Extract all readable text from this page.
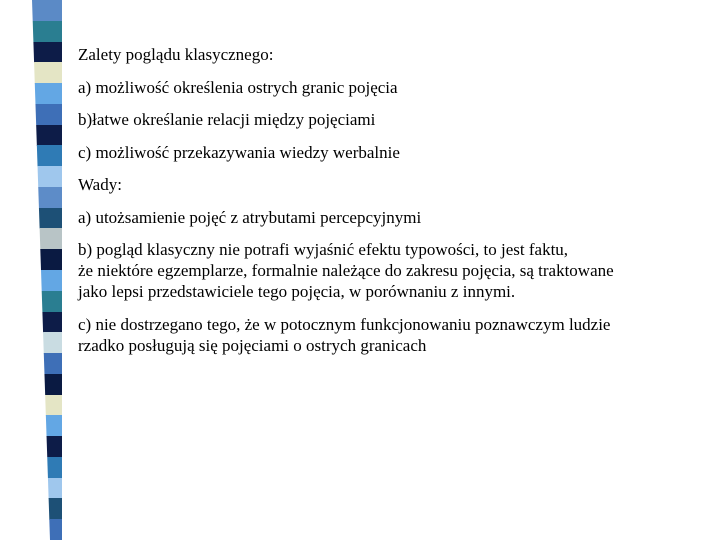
Zalety poglądu klasycznego:

a) możliwość określenia ostrych granic pojęcia

b)łatwe określanie relacji między pojęciami

c) możliwość przekazywania wiedzy werbalnie

Wady:

a) utożsamienie pojęć z atrybutami percepcyjnymi

b) pogląd klasyczny nie potrafi wyjaśnić efektu typowości, to jest faktu,
że niektóre egzemplarze, formalnie należące do zakresu pojęcia, są traktowane
jako lepsi przedstawiciele tego pojęcia, w porównaniu z innymi.

c) nie dostrzegano tego, że w potocznym funkcjonowaniu poznawczym ludzie
rzadko posługują się pojęciami o ostrych granicach
